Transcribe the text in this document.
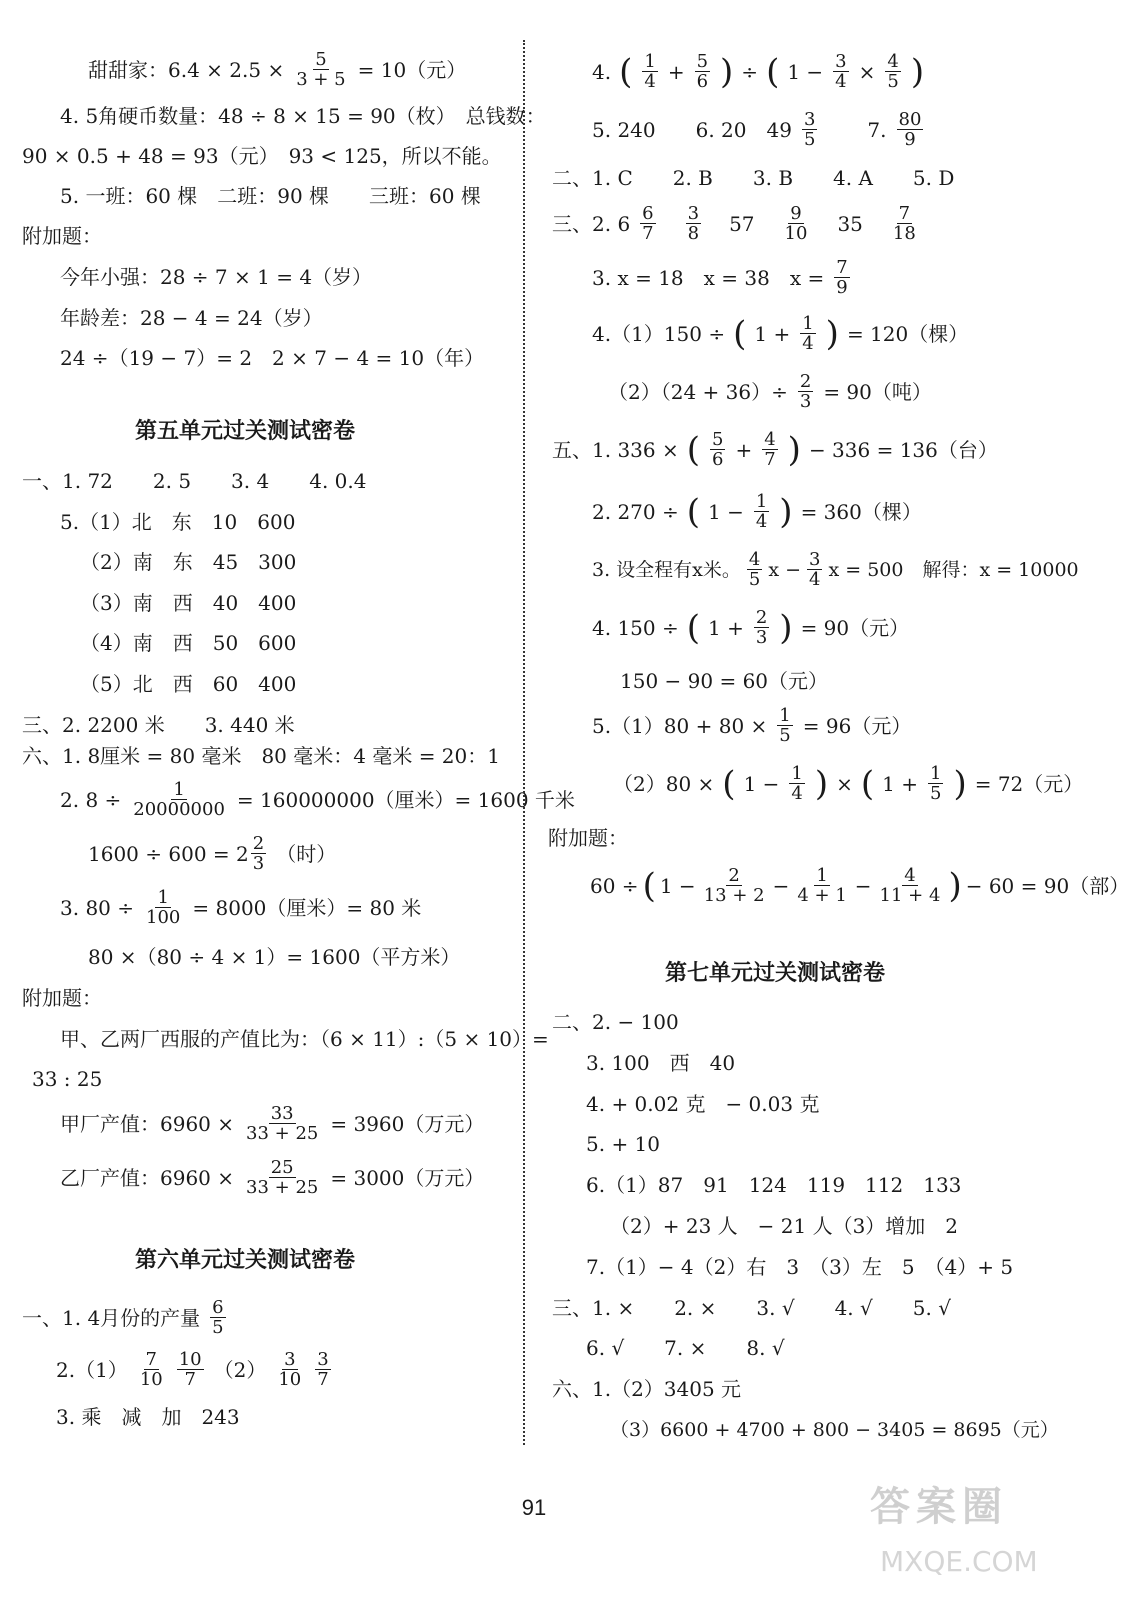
甜甜家：$6.4 \times 2.5 \times \frac{5}{3 + 5} = 10$（元）
4. 5角硬币数量：48 ÷ 8 × 15 = 90（枚）　总钱数：
90 × 0.5 + 48 = 93（元）　93 < 125，所以不能。
5. 一班：60 棵　二班：90 棵　　三班：60 棵
附加题：
今年小强：28 ÷ 7 × 1 = 4（岁）
年龄差：28 − 4 = 24（岁）
24 ÷（19 − 7）= 2　2 × 7 − 4 = 10（年）
第五单元过关测试密卷
一、1. 72　　2. 5　　3. 4　　4. 0.4
5.（1）北　东　10　600
（2）南　东　45　300
（3）南　西　40　400
（4）南　西　50　600
（5）北　西　60　400
三、2. 2200 米　　3. 440 米
六、1. 8厘米 = 80 毫米　80 毫米：4 毫米 = 20：1
2. $8 \div \frac{1}{20000000} = 160000000$（厘米）= 1600 千米
$1600 \div 600 = 2 \frac{2}{3}$ （时）
3. $80 \div \frac{1}{100} = 8000$（厘米）= 80 米
80 ×（80 ÷ 4 × 1）= 1600（平方米）
附加题：
甲、乙两厂西服的产值比为：（6 × 11）:（5 × 10）=
33 : 25
甲厂产值：$6960 \times \frac{33}{33 + 25} = 3960$（万元）
乙厂产值：$6960 \times \frac{25}{33 + 25} = 3000$（万元）
第六单元过关测试密卷
一、1. 4月份的产量 $\frac{6}{5}$
$2.(1) \frac{7}{10} \frac{10}{7} (2) \frac{3}{10} \frac{3}{7}$
3. 乘　减　加　243
4. ( $\frac{1}{4} + \frac{5}{6}$ ) ÷ ( $1 - \frac{3}{4} \times \frac{4}{5}$ )
5. 240　　6. 20　$49 \frac{3}{5}$ 　　7. $\frac{80}{9}$
二、1. C　　2. B　　3. B　　4. A　　5. D
三、2. $6 \frac{6}{7} \frac{3}{8} 57 \frac{9}{10} 35 \frac{7}{18}$
3. x = 18　x = 38　$x = \frac{7}{9}$
4.（1）150 ÷ ( $1 + \frac{1}{4}$ ) = 120（棵）
$(2)(24 + 36)\div \frac{2}{3} = 90$（吨）
五、1. 336 × ( $\frac{5}{6} + \frac{4}{7}$ ) − 336 = 136（台）
2. 270 ÷ ( $1 - \frac{1}{4}$ ) = 360（棵）
3. 设全程有x米。 $\frac{4}{5}$ $x - \frac{3}{4}$ x = 500　解得：x = 10000
4. 150 ÷ ( $1 + \frac{2}{3}$ ) = 90（元）
150 − 90 = 60（元）
$5.(1)80 + 80 \times \frac{1}{5} = 96$（元）
（2）80 × ( $1 - \frac{1}{4}$ ) × ( $1 + \frac{1}{5}$ ) = 72（元）
附加题：
60 ÷ ( $1 - \frac{2}{13 + 2} - \frac{1}{4 + 1} - \frac{4}{11 + 4}$ ) − 60 = 90（部）
第七单元过关测试密卷
二、2. − 100
3. 100　西　40
4. + 0.02 克　− 0.03 克
5. + 10
6.（1）87　91　124　119　112　133
（2）+ 23 人　− 21 人（3）增加　2
7.（1）− 4（2）右　3　（3）左　5　（4）+ 5
三、1. ×　　2. ×　　3. √　　4. √　　5. √
6. √　　7. ×　　8. √
六、1.（2）3405 元
（3）6600 + 4700 + 800 − 3405 = 8695（元）
91	答案圈
MXQE.COM
